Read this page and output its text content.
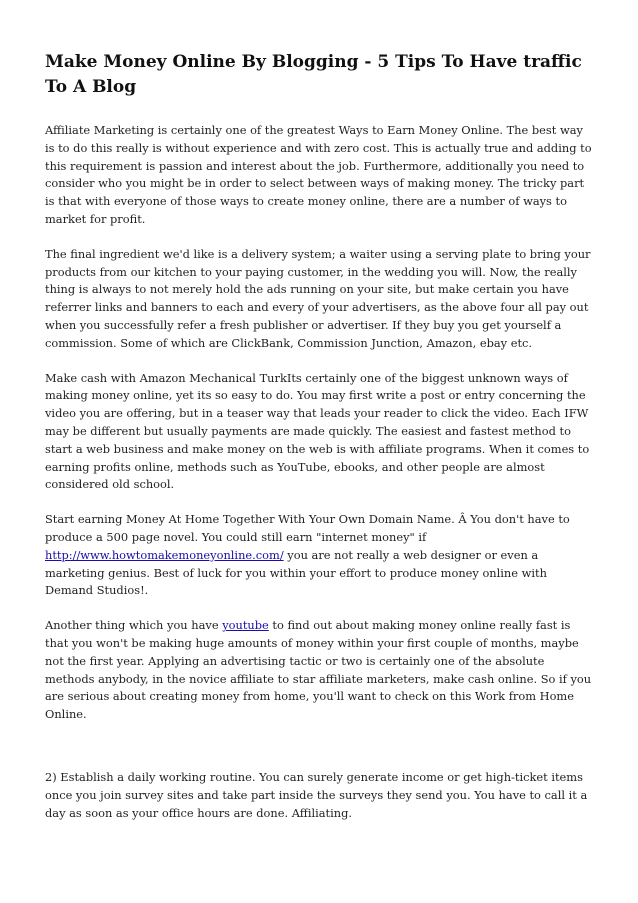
Make Money Online By Blogging - 5 Tips To Have traffic To A Blog

Affiliate Marketing is certainly one of the greatest Ways to Earn Money Online. The best way is to do this really is without experience and with zero cost. This is actually true and adding to this requirement is passion and interest about the job. Furthermore, additionally you need to consider who you might be in order to select between ways of making money. The tricky part is that with everyone of those ways to create money online, there are a number of ways to market for profit.

The final ingredient we'd like is a delivery system; a waiter using a serving plate to bring your products from our kitchen to your paying customer, in the wedding you will. Now, the really thing is always to not merely hold the ads running on your site, but make certain you have referrer links and banners to each and every of your advertisers, as the above four all pay out when you successfully refer a fresh publisher or advertiser. If they buy you get yourself a commission. Some of which are ClickBank, Commission Junction, Amazon, ebay etc.

Make cash with Amazon Mechanical TurkIts certainly one of the biggest unknown ways of making money online, yet its so easy to do. You may first write a post or entry concerning the video you are offering, but in a teaser way that leads your reader to click the video. Each IFW may be different but usually payments are made quickly. The easiest and fastest method to start a web business and make money on the web is with affiliate programs. When it comes to earning profits online, methods such as YouTube, ebooks, and other people are almost considered old school.

Start earning Money At Home Together With Your Own Domain Name. Â You don't have to produce a 500 page novel. You could still earn "internet money" if http://www.howtomakemoneyonline.com/ you are not really a web designer or even a marketing genius. Best of luck for you within your effort to produce money online with Demand Studios!.

Another thing which you have youtube to find out about making money online really fast is that you won't be making huge amounts of money within your first couple of months, maybe not the first year. Applying an advertising tactic or two is certainly one of the absolute methods anybody, in the novice affiliate to star affiliate marketers, make cash online. So if you are serious about creating money from home, you'll want to check on this Work from Home Online.

2) Establish a daily working routine. You can surely generate income or get high-ticket items once you join survey sites and take part inside the surveys they send you. You have to call it a day as soon as your office hours are done. Affiliating.
